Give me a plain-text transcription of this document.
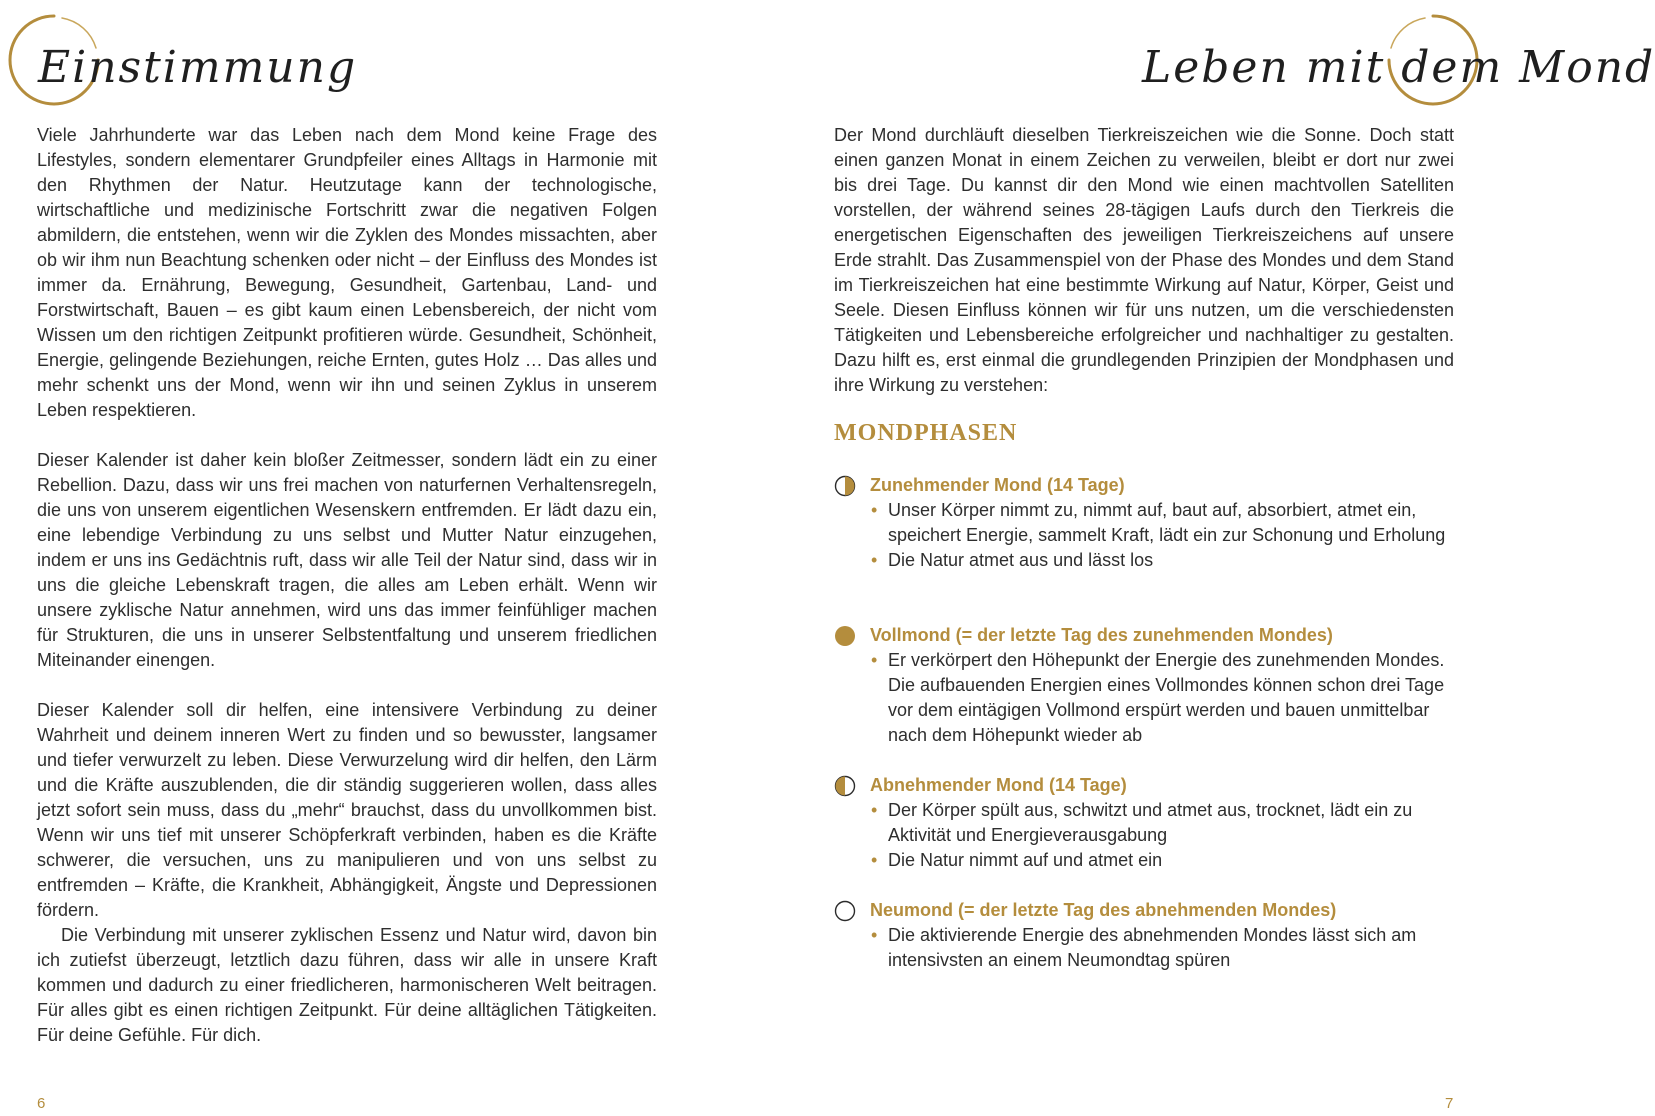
Einstimmung

Viele Jahrhunderte war das Leben nach dem Mond keine Frage des Lifestyles, sondern elementarer Grundpfeiler eines Alltags in Harmonie mit den Rhythmen der Natur. Heutzutage kann der technologische, wirtschaftliche und medizinische Fortschritt zwar die negativen Folgen abmildern, die entstehen, wenn wir die Zyklen des Mondes missachten, aber ob wir ihm nun Beachtung schenken oder nicht – der Einfluss des Mondes ist immer da. Ernährung, Bewegung, Gesundheit, Gartenbau, Land- und Forstwirtschaft, Bauen – es gibt kaum einen Lebensbereich, der nicht vom Wissen um den richtigen Zeitpunkt profitieren würde. Gesundheit, Schönheit, Energie, gelingende Beziehungen, reiche Ernten, gutes Holz … Das alles und mehr schenkt uns der Mond, wenn wir ihn und seinen Zyklus in unserem Leben respektieren.

Dieser Kalender ist daher kein bloßer Zeitmesser, sondern lädt ein zu einer Rebellion. Dazu, dass wir uns frei machen von naturfernen Verhaltensregeln, die uns von unserem eigentlichen Wesenskern entfremden. Er lädt dazu ein, eine lebendige Verbindung zu uns selbst und Mutter Natur einzugehen, indem er uns ins Gedächtnis ruft, dass wir alle Teil der Natur sind, dass wir in uns die gleiche Lebenskraft tragen, die alles am Leben erhält. Wenn wir unsere zyklische Natur annehmen, wird uns das immer feinfühliger machen für Strukturen, die uns in unserer Selbstentfaltung und unserem friedlichen Miteinander einengen.

Dieser Kalender soll dir helfen, eine intensivere Verbindung zu deiner Wahrheit und deinem inneren Wert zu finden und so bewusster, langsamer und tiefer verwurzelt zu leben. Diese Verwurzelung wird dir helfen, den Lärm und die Kräfte auszublenden, die dir ständig suggerieren wollen, dass alles jetzt sofort sein muss, dass du „mehr“ brauchst, dass du unvollkommen bist. Wenn wir uns tief mit unserer Schöpferkraft verbinden, haben es die Kräfte schwerer, die versuchen, uns zu manipulieren und von uns selbst zu entfremden – Kräfte, die Krankheit, Abhängigkeit, Ängste und Depressionen fördern.

Die Verbindung mit unserer zyklischen Essenz und Natur wird, davon bin ich zutiefst überzeugt, letztlich dazu führen, dass wir alle in unsere Kraft kommen und dadurch zu einer friedlicheren, harmonischeren Welt beitragen. Für alles gibt es einen richtigen Zeitpunkt. Für deine alltäglichen Tätigkeiten. Für deine Gefühle. Für dich.

6
Leben mit dem Mond

Der Mond durchläuft dieselben Tierkreiszeichen wie die Sonne. Doch statt einen ganzen Monat in einem Zeichen zu verweilen, bleibt er dort nur zwei bis drei Tage. Du kannst dir den Mond wie einen machtvollen Satelliten vorstellen, der während seines 28-tägigen Laufs durch den Tierkreis die energetischen Eigenschaften des jeweiligen Tierkreiszeichens auf unsere Erde strahlt. Das Zusammenspiel von der Phase des Mondes und dem Stand im Tierkreiszeichen hat eine bestimmte Wirkung auf Natur, Körper, Geist und Seele. Diesen Einfluss können wir für uns nutzen, um die verschiedensten Tätigkeiten und Lebensbereiche erfolgreicher und nachhaltiger zu gestalten. Dazu hilft es, erst einmal die grundlegenden Prinzipien der Mondphasen und ihre Wirkung zu verstehen:

MONDPHASEN
Zunehmender Mond (14 Tage)
• Unser Körper nimmt zu, nimmt auf, baut auf, absorbiert, atmet ein, speichert Energie, sammelt Kraft, lädt ein zur Schonung und Erholung
• Die Natur atmet aus und lässt los
Vollmond (= der letzte Tag des zunehmenden Mondes)
• Er verkörpert den Höhepunkt der Energie des zunehmenden Mondes. Die aufbauenden Energien eines Vollmondes können schon drei Tage vor dem eintägigen Vollmond erspürt werden und bauen unmittelbar nach dem Höhepunkt wieder ab
Abnehmender Mond (14 Tage)
• Der Körper spült aus, schwitzt und atmet aus, trocknet, lädt ein zu Aktivität und Energieverausgabung
• Die Natur nimmt auf und atmet ein
Neumond (= der letzte Tag des abnehmenden Mondes)
• Die aktivierende Energie des abnehmenden Mondes lässt sich am intensivsten an einem Neumondtag spüren
7
